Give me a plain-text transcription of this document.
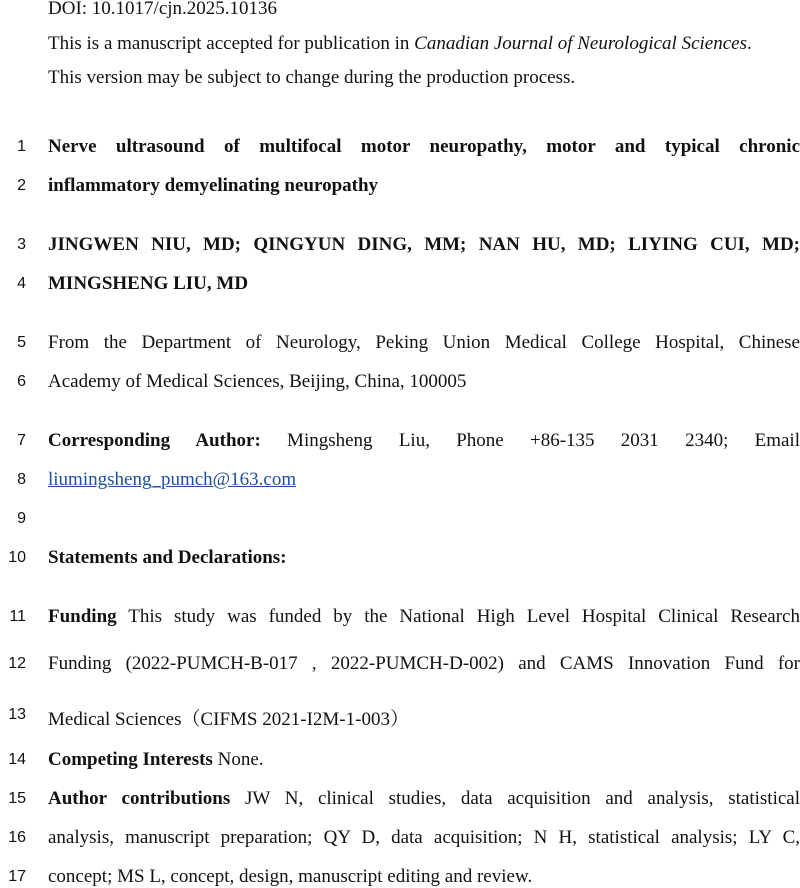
DOI: 10.1017/cjn.2025.10136
This is a manuscript accepted for publication in Canadian Journal of Neurological Sciences.
This version may be subject to change during the production process.
1
2
3
4
5
6
7
8
9
10
11
12
13
14
15
16
17
Nerve ultrasound of multifocal motor neuropathy, motor and typical chronic
inflammatory demyelinating neuropathy
JINGWEN NIU, MD; QINGYUN DING, MM; NAN HU, MD; LIYING CUI, MD;
MINGSHENG LIU, MD
From the Department of Neurology, Peking Union Medical College Hospital, Chinese
Academy of Medical Sciences, Beijing, China, 100005
Corresponding Author: Mingsheng Liu, Phone +86-135 2031 2340; Email
liumingsheng_pumch@163.com
Statements and Declarations:
Funding This study was funded by the National High Level Hospital Clinical Research
Funding (2022-PUMCH-B-017 , 2022-PUMCH-D-002) and CAMS Innovation Fund for
Medical Sciences（CIFMS 2021-I2M-1-003）
Competing Interests None.
Author contributions JW N, clinical studies, data acquisition and analysis, statistical
analysis, manuscript preparation; QY D, data acquisition; N H, statistical analysis; LY C,
concept; MS L, concept, design, manuscript editing and review.
